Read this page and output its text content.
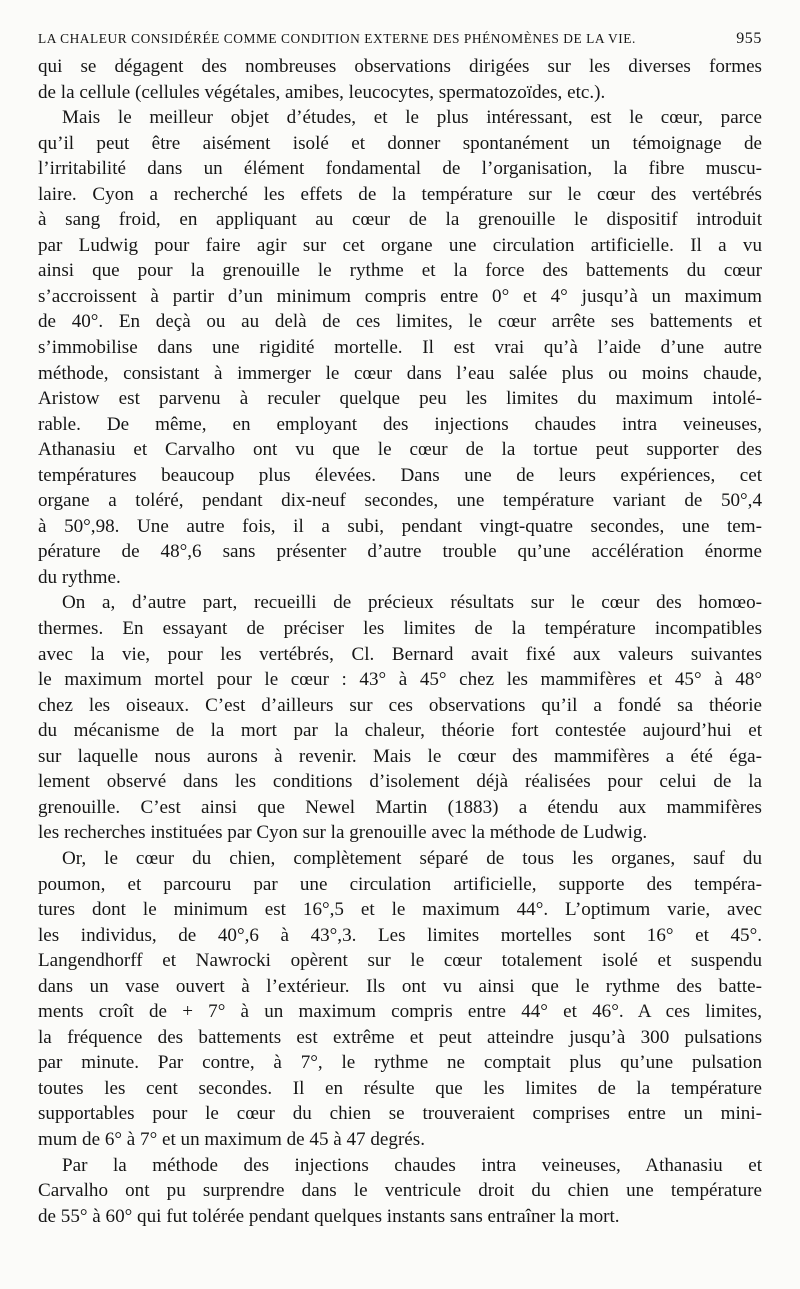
LA CHALEUR CONSIDÉRÉE COMME CONDITION EXTERNE DES PHÉNOMÈNES DE LA VIE.	955
qui se dégagent des nombreuses observations dirigées sur les diverses formes
de la cellule (cellules végétales, amibes, leucocytes, spermatozoïdes, etc.).
Mais le meilleur objet d’études, et le plus intéressant, est le cœur, parce
qu’il peut être aisément isolé et donner spontanément un témoignage de
l’irritabilité dans un élément fondamental de l’organisation, la fibre muscu-
laire. Cyon a recherché les effets de la température sur le cœur des vertébrés
à sang froid, en appliquant au cœur de la grenouille le dispositif introduit
par Ludwig pour faire agir sur cet organe une circulation artificielle. Il a vu
ainsi que pour la grenouille le rythme et la force des battements du cœur
s’accroissent à partir d’un minimum compris entre 0° et 4° jusqu’à un maximum
de 40°. En deçà ou au delà de ces limites, le cœur arrête ses battements et
s’immobilise dans une rigidité mortelle. Il est vrai qu’à l’aide d’une autre
méthode, consistant à immerger le cœur dans l’eau salée plus ou moins chaude,
Aristow est parvenu à reculer quelque peu les limites du maximum intolé-
rable. De même, en employant des injections chaudes intra veineuses,
Athanasiu et Carvalho ont vu que le cœur de la tortue peut supporter des
températures beaucoup plus élevées. Dans une de leurs expériences, cet
organe a toléré, pendant dix-neuf secondes, une température variant de 50°,4
à 50°,98. Une autre fois, il a subi, pendant vingt-quatre secondes, une tem-
pérature de 48°,6 sans présenter d’autre trouble qu’une accélération énorme
du rythme.
On a, d’autre part, recueilli de précieux résultats sur le cœur des homœo-
thermes. En essayant de préciser les limites de la température incompatibles
avec la vie, pour les vertébrés, Cl. Bernard avait fixé aux valeurs suivantes
le maximum mortel pour le cœur : 43° à 45° chez les mammifères et 45° à 48°
chez les oiseaux. C’est d’ailleurs sur ces observations qu’il a fondé sa théorie
du mécanisme de la mort par la chaleur, théorie fort contestée aujourd’hui et
sur laquelle nous aurons à revenir. Mais le cœur des mammifères a été éga-
lement observé dans les conditions d’isolement déjà réalisées pour celui de la
grenouille. C’est ainsi que Newel Martin (1883) a étendu aux mammifères
les recherches instituées par Cyon sur la grenouille avec la méthode de Ludwig.
Or, le cœur du chien, complètement séparé de tous les organes, sauf du
poumon, et parcouru par une circulation artificielle, supporte des tempéra-
tures dont le minimum est 16°,5 et le maximum 44°. L’optimum varie, avec
les individus, de 40°,6 à 43°,3. Les limites mortelles sont 16° et 45°.
Langendhorff et Nawrocki opèrent sur le cœur totalement isolé et suspendu
dans un vase ouvert à l’extérieur. Ils ont vu ainsi que le rythme des batte-
ments croît de + 7° à un maximum compris entre 44° et 46°. A ces limites,
la fréquence des battements est extrême et peut atteindre jusqu’à 300 pulsations
par minute. Par contre, à 7°, le rythme ne comptait plus qu’une pulsation
toutes les cent secondes. Il en résulte que les limites de la température
supportables pour le cœur du chien se trouveraient comprises entre un mini-
mum de 6° à 7° et un maximum de 45 à 47 degrés.
Par la méthode des injections chaudes intra veineuses, Athanasiu et
Carvalho ont pu surprendre dans le ventricule droit du chien une température
de 55° à 60° qui fut tolérée pendant quelques instants sans entraîner la mort.
